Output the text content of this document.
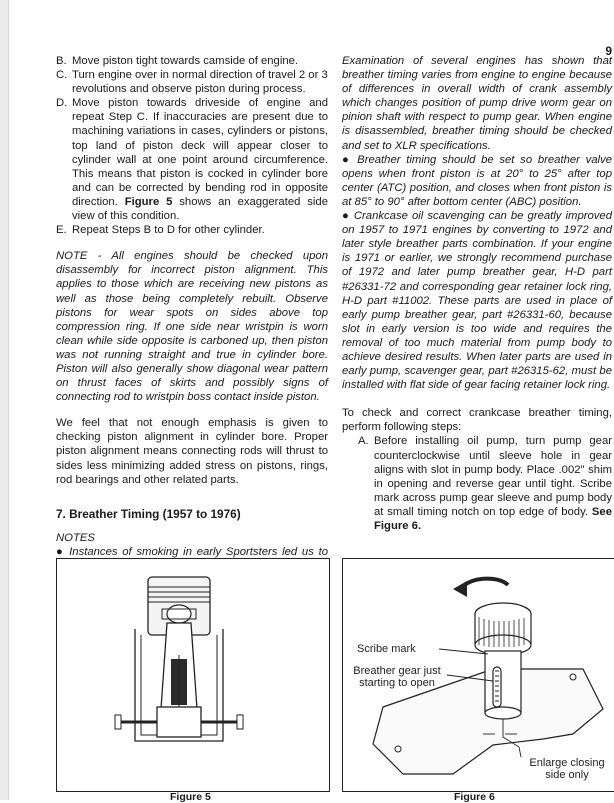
9
B. Move piston tight towards camside of engine.
C. Turn engine over in normal direction of travel 2 or 3 revolutions and observe piston during process.
D. Move piston towards driveside of engine and repeat Step C. If inaccuracies are present due to machining variations in cases, cylinders or pistons, top land of piston deck will appear closer to cylinder wall at one point around circumference. This means that piston is cocked in cylinder bore and can be corrected by bending rod in opposite direction. Figure 5 shows an exaggerated side view of this condition.
E. Repeat Steps B to D for other cylinder.
NOTE - All engines should be checked upon disassembly for incorrect piston alignment. This applies to those which are receiving new pistons as well as those being completely rebuilt. Observe pistons for wear spots on sides above top compression ring. If one side near wristpin is worn clean while side opposite is carboned up, then piston was not running straight and true in cylinder bore. Piston will also generally show diagonal wear pattern on thrust faces of skirts and possibly signs of connecting rod to wristpin boss contact inside piston.
We feel that not enough emphasis is given to checking piston alignment in cylinder bore. Proper piston alignment means connecting rods will thrust to sides less minimizing added stress on pistons, rings, rod bearings and other related parts.
7. Breather Timing (1957 to 1976)
NOTES
● Instances of smoking in early Sportsters led us to
Examination of several engines has shown that breather timing varies from engine to engine because of differences in overall width of crank assembly which changes position of pump drive worm gear on pinion shaft with respect to pump gear. When engine is disassembled, breather timing should be checked and set to XLR specifications.
● Breather timing should be set so breather valve opens when front piston is at 20° to 25° after top center (ATC) position, and closes when front piston is at 85° to 90° after bottom center (ABC) position.
● Crankcase oil scavenging can be greatly improved on 1957 to 1971 engines by converting to 1972 and later style breather parts combination. If your engine is 1971 or earlier, we strongly recommend purchase of 1972 and later pump breather gear, H-D part #26331-72 and corresponding gear retainer lock ring, H-D part #11002. These parts are used in place of early pump breather gear, part #26331-60, because slot in early version is too wide and requires the removal of too much material from pump body to achieve desired results. When later parts are used in early pump, scavenger gear, part #26315-62, must be installed with flat side of gear facing retainer lock ring.
To check and correct crankcase breather timing, perform following steps:
A. Before installing oil pump, turn pump gear counterclockwise until sleeve hole in gear aligns with slot in pump body. Place .002" shim in opening and reverse gear until tight. Scribe mark across pump gear sleeve and pump body at small timing notch on top edge of body. See Figure 6.
Figure 5
Scribe mark
Breather gear just starting to open
Enlarge closing side only
Figure 6
